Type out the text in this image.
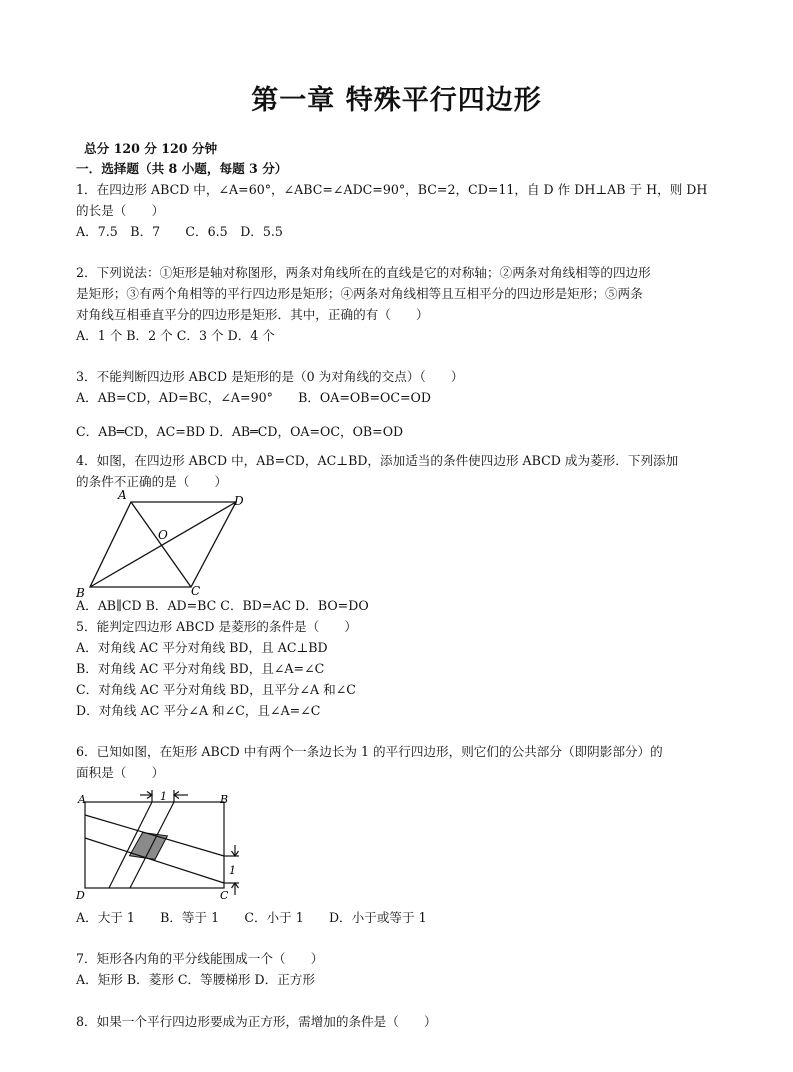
第一章 特殊平行四边形
总分 120 分 120 分钟
一．选择题（共 8 小题，每题 3 分）
1．在四边形 ABCD 中，∠A=60°，∠ABC=∠ADC=90°，BC=2，CD=11，自 D 作 DH⊥AB 于 H，则 DH
的长是（　　）
A．7.5　B．7　　C．6.5　D．5.5
2．下列说法：①矩形是轴对称图形，两条对角线所在的直线是它的对称轴；②两条对角线相等的四边形
是矩形；③有两个角相等的平行四边形是矩形；④两条对角线相等且互相平分的四边形是矩形；⑤两条
对角线互相垂直平分的四边形是矩形．其中，正确的有（　　）
A．1 个 B．2 个 C．3 个 D．4 个
3．不能判断四边形 ABCD 是矩形的是（0 为对角线的交点）（　　）
A．AB=CD，AD=BC，∠A=90°　　B．OA=OB=OC=OD
C．AB═CD，AC=BD D．AB═CD，OA=OC，OB=OD
4．如图，在四边形 ABCD 中，AB=CD，AC⊥BD，添加适当的条件使四边形 ABCD 成为菱形．下列添加
的条件不正确的是（　　）
A	D
O
B	C
A．AB∥CD B．AD=BC C．BD=AC D．BO=DO
5．能判定四边形 ABCD 是菱形的条件是（　　）
A．对角线 AC 平分对角线 BD，且 AC⊥BD
B．对角线 AC 平分对角线 BD，且∠A=∠C
C．对角线 AC 平分对角线 BD，且平分∠A 和∠C
D．对角线 AC 平分∠A 和∠C，且∠A=∠C
6．已知如图，在矩形 ABCD 中有两个一条边长为 1 的平行四边形，则它们的公共部分（即阴影部分）的
面积是（　　）
A	B
D	C
1
1
A．大于 1　　B．等于 1　　C．小于 1　　D．小于或等于 1
7．矩形各内角的平分线能围成一个（　　）
A．矩形 B．菱形 C．等腰梯形 D．正方形
8．如果一个平行四边形要成为正方形，需增加的条件是（　　）
